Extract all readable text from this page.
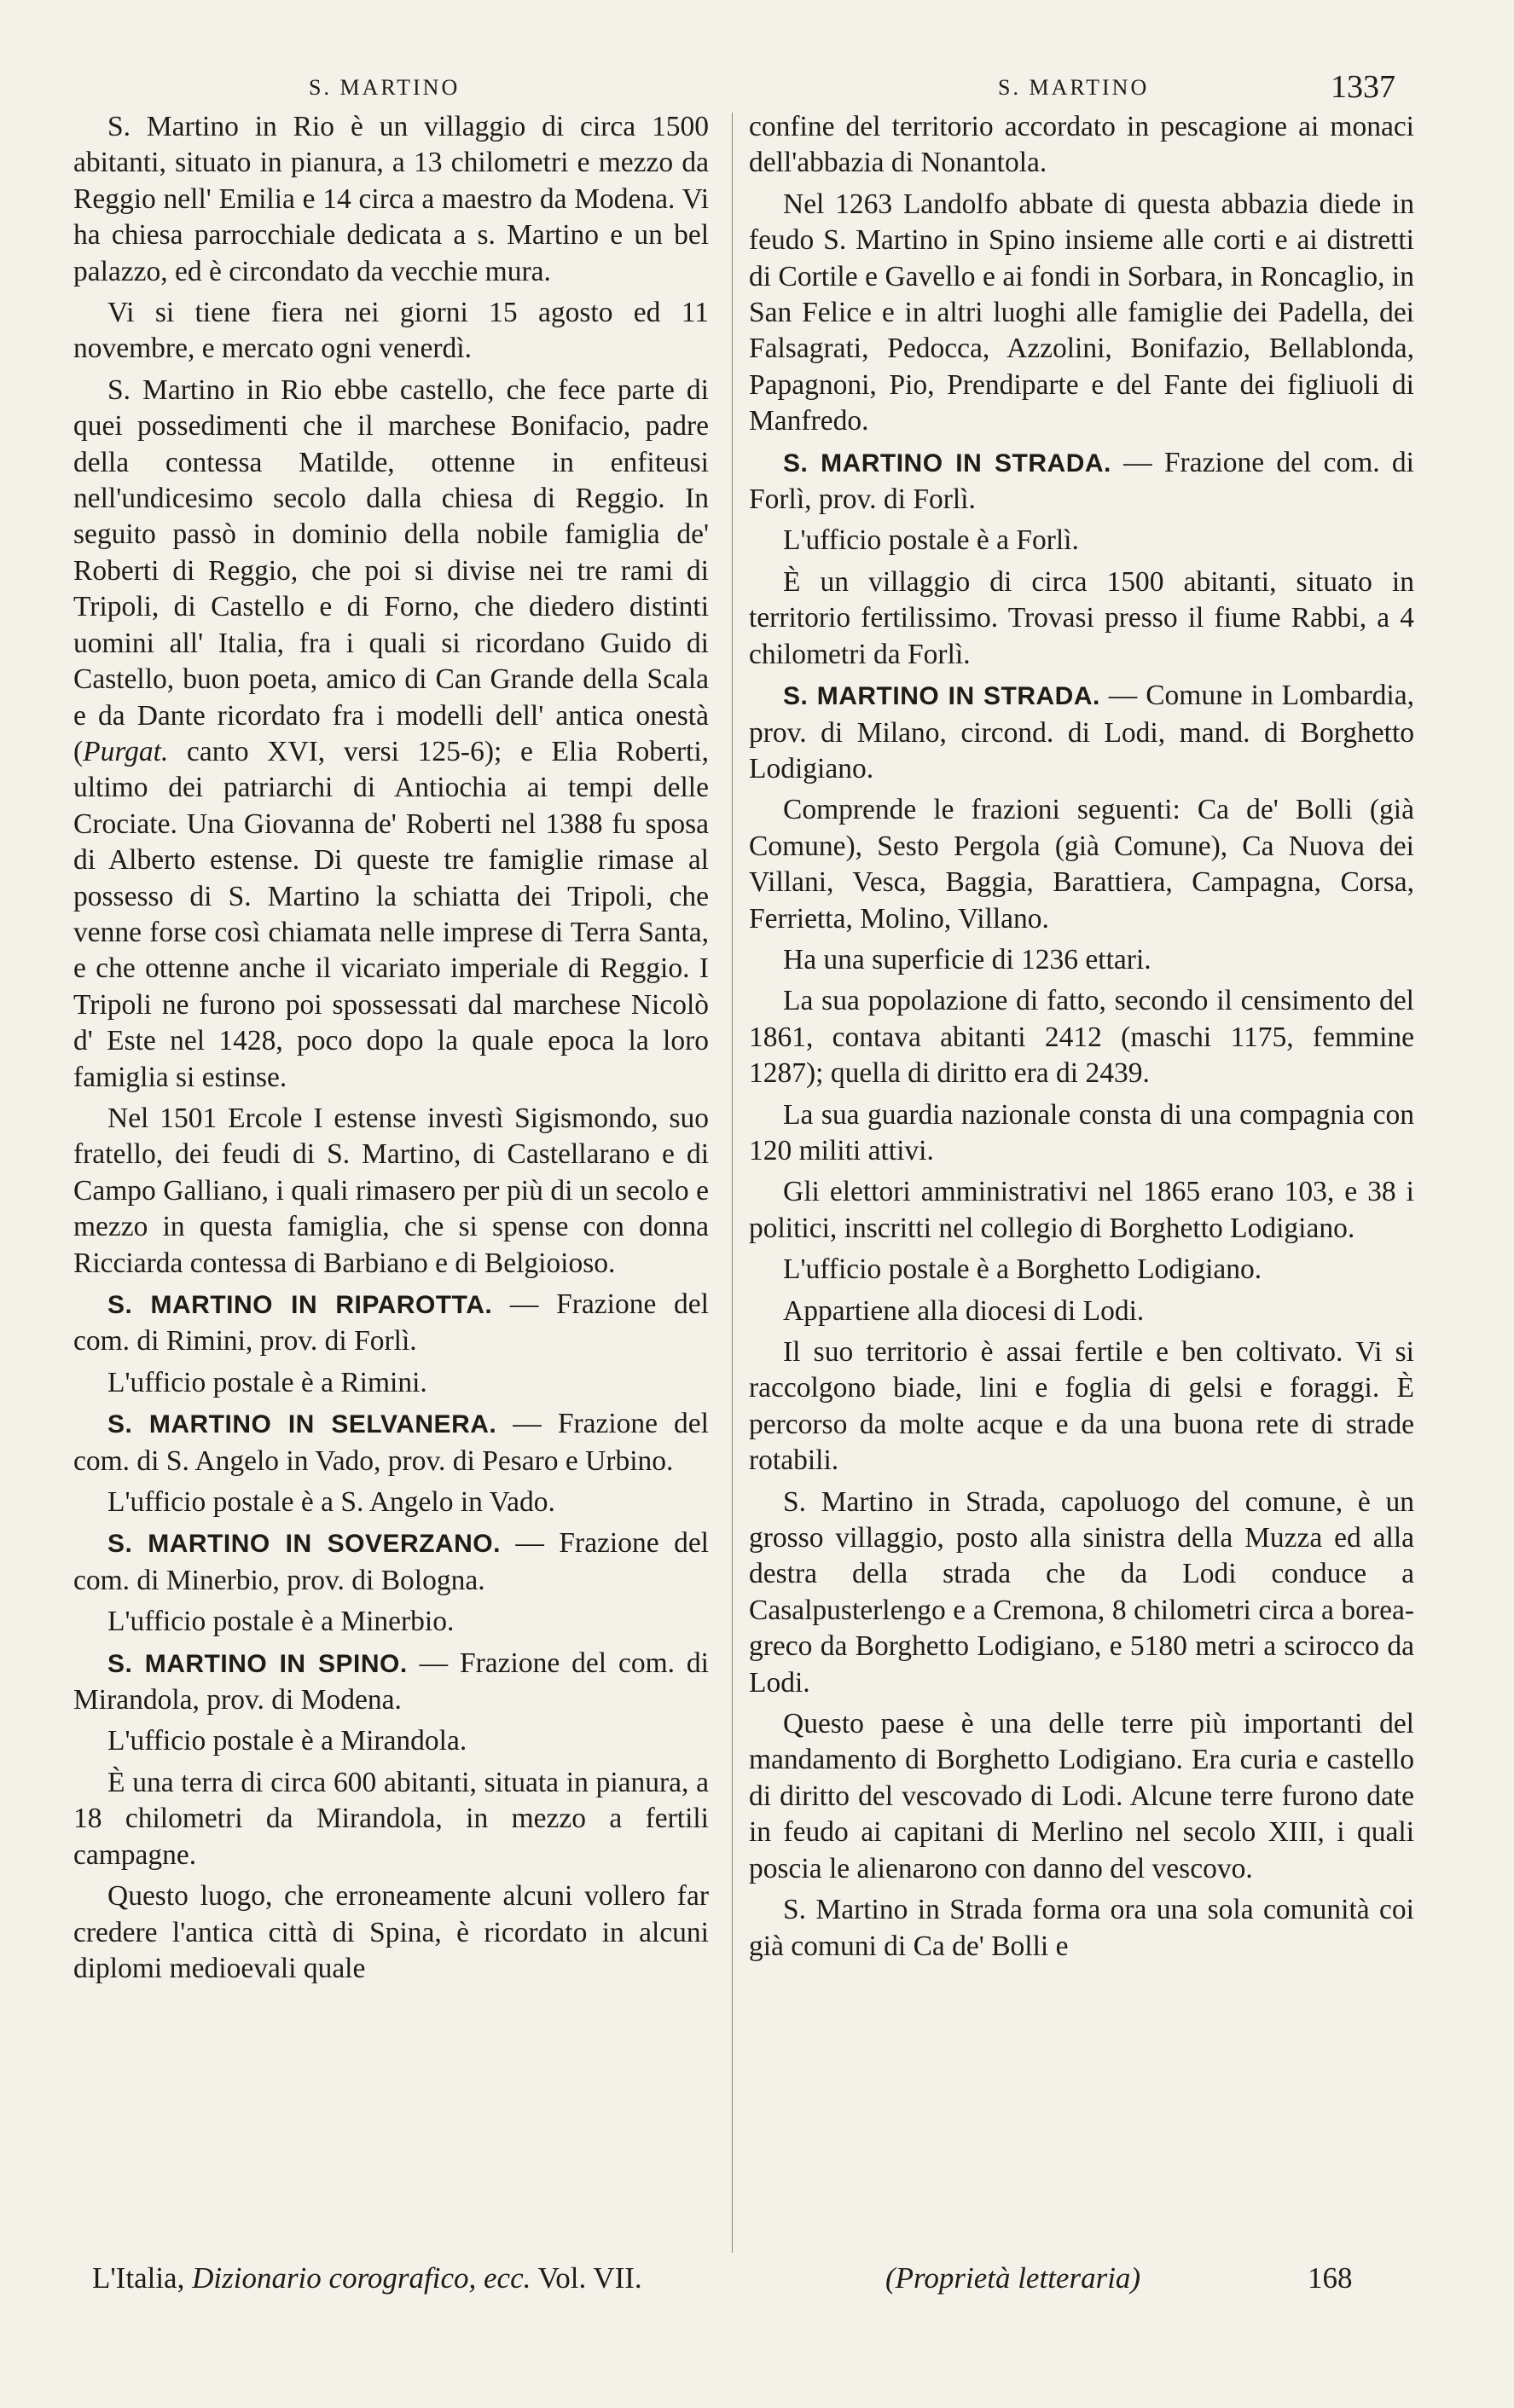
S. MARTINO	S. MARTINO	1337

S. Martino in Rio è un villaggio di circa 1500 abitanti, situato in pianura, a 13 chilometri e mezzo da Reggio nell' Emilia e 14 circa a maestro da Modena. Vi ha chiesa parrocchiale dedicata a s. Martino e un bel palazzo, ed è circondato da vecchie mura.

Vi si tiene fiera nei giorni 15 agosto ed 11 novembre, e mercato ogni venerdì.

S. Martino in Rio ebbe castello, che fece parte di quei possedimenti che il marchese Bonifacio, padre della contessa Matilde, ottenne in enfiteusi nell'undicesimo secolo dalla chiesa di Reggio. In seguito passò in dominio della nobile famiglia de' Roberti di Reggio, che poi si divise nei tre rami di Tripoli, di Castello e di Forno, che diedero distinti uomini all' Italia, fra i quali si ricordano Guido di Castello, buon poeta, amico di Can Grande della Scala e da Dante ricordato fra i modelli dell' antica onestà (Purgat. canto XVI, versi 125-6); e Elia Roberti, ultimo dei patriarchi di Antiochia ai tempi delle Crociate. Una Giovanna de' Roberti nel 1388 fu sposa di Alberto estense. Di queste tre famiglie rimase al possesso di S. Martino la schiatta dei Tripoli, che venne forse così chiamata nelle imprese di Terra Santa, e che ottenne anche il vicariato imperiale di Reggio. I Tripoli ne furono poi spossessati dal marchese Nicolò d' Este nel 1428, poco dopo la quale epoca la loro famiglia si estinse.

Nel 1501 Ercole I estense investì Sigismondo, suo fratello, dei feudi di S. Martino, di Castellarano e di Campo Galliano, i quali rimasero per più di un secolo e mezzo in questa famiglia, che si spense con donna Ricciarda contessa di Barbiano e di Belgioioso.

S. MARTINO IN RIPAROTTA. — Frazione del com. di Rimini, prov. di Forlì.

L'ufficio postale è a Rimini.

S. MARTINO IN SELVANERA. — Frazione del com. di S. Angelo in Vado, prov. di Pesaro e Urbino.

L'ufficio postale è a S. Angelo in Vado.

S. MARTINO IN SOVERZANO. — Frazione del com. di Minerbio, prov. di Bologna.

L'ufficio postale è a Minerbio.

S. MARTINO IN SPINO. — Frazione del com. di Mirandola, prov. di Modena.

L'ufficio postale è a Mirandola.

È una terra di circa 600 abitanti, situata in pianura, a 18 chilometri da Mirandola, in mezzo a fertili campagne.

Questo luogo, che erroneamente alcuni vollero far credere l'antica città di Spina, è ricordato in alcuni diplomi medioevali quale

confine del territorio accordato in pescagione ai monaci dell'abbazia di Nonantola.

Nel 1263 Landolfo abbate di questa abbazia diede in feudo S. Martino in Spino insieme alle corti e ai distretti di Cortile e Gavello e ai fondi in Sorbara, in Roncaglio, in San Felice e in altri luoghi alle famiglie dei Padella, dei Falsagrati, Pedocca, Azzolini, Bonifazio, Bellablonda, Papagnoni, Pio, Prendiparte e del Fante dei figliuoli di Manfredo.

S. MARTINO IN STRADA. — Frazione del com. di Forlì, prov. di Forlì.

L'ufficio postale è a Forlì.

È un villaggio di circa 1500 abitanti, situato in territorio fertilissimo. Trovasi presso il fiume Rabbi, a 4 chilometri da Forlì.

S. MARTINO IN STRADA. — Comune in Lombardia, prov. di Milano, circond. di Lodi, mand. di Borghetto Lodigiano.

Comprende le frazioni seguenti: Ca de' Bolli (già Comune), Sesto Pergola (già Comune), Ca Nuova dei Villani, Vesca, Baggia, Barattiera, Campagna, Corsa, Ferrietta, Molino, Villano.

Ha una superficie di 1236 ettari.

La sua popolazione di fatto, secondo il censimento del 1861, contava abitanti 2412 (maschi 1175, femmine 1287); quella di diritto era di 2439.

La sua guardia nazionale consta di una compagnia con 120 militi attivi.

Gli elettori amministrativi nel 1865 erano 103, e 38 i politici, inscritti nel collegio di Borghetto Lodigiano.

L'ufficio postale è a Borghetto Lodigiano.

Appartiene alla diocesi di Lodi.

Il suo territorio è assai fertile e ben coltivato. Vi si raccolgono biade, lini e foglia di gelsi e foraggi. È percorso da molte acque e da una buona rete di strade rotabili.

S. Martino in Strada, capoluogo del comune, è un grosso villaggio, posto alla sinistra della Muzza ed alla destra della strada che da Lodi conduce a Casalpusterlengo e a Cremona, 8 chilometri circa a borea-greco da Borghetto Lodigiano, e 5180 metri a scirocco da Lodi.

Questo paese è una delle terre più importanti del mandamento di Borghetto Lodigiano. Era curia e castello di diritto del vescovado di Lodi. Alcune terre furono date in feudo ai capitani di Merlino nel secolo XIII, i quali poscia le alienarono con danno del vescovo.

S. Martino in Strada forma ora una sola comunità coi già comuni di Ca de' Bolli e

L'Italia, Dizionario corografico, ecc. Vol. VII.	(Proprietà letteraria)	168
